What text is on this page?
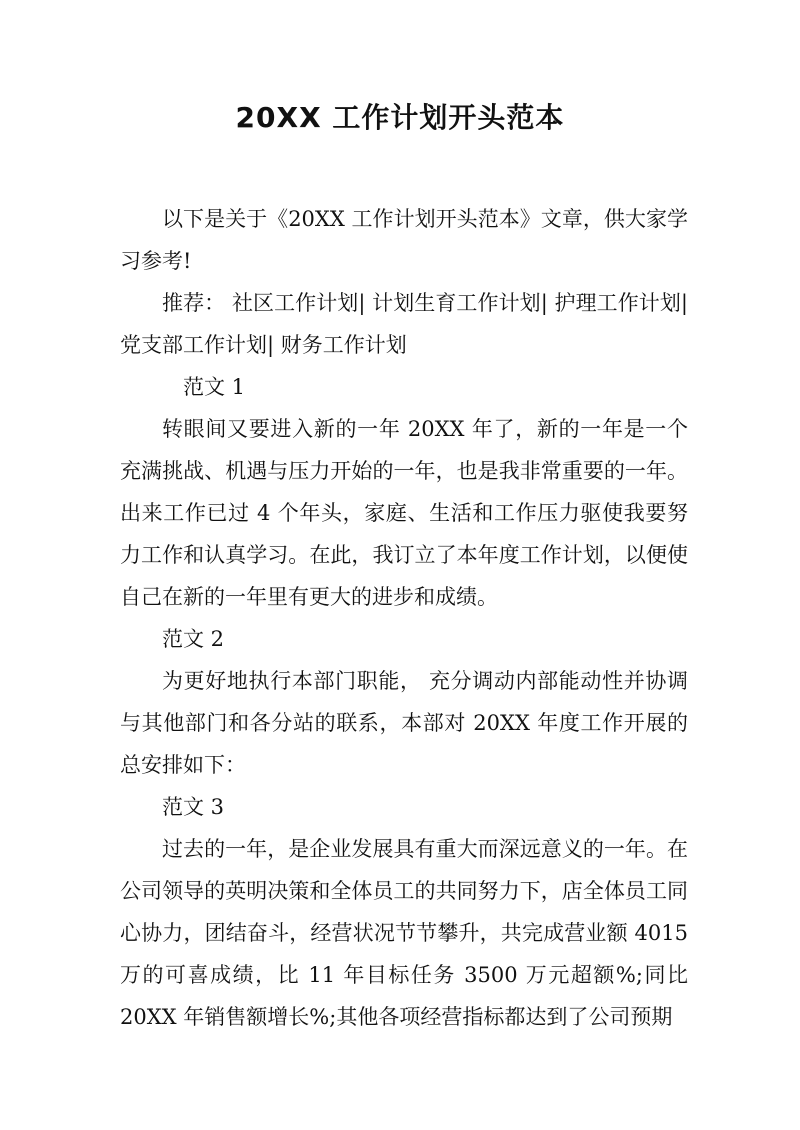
20XX 工作计划开头范本

以下是关于《20XX 工作计划开头范本》文章，供大家学习参考!

推荐： 社区工作计划| 计划生育工作计划| 护理工作计划| 党支部工作计划| 财务工作计划

范文 1

转眼间又要进入新的一年 20XX 年了，新的一年是一个充满挑战、机遇与压力开始的一年，也是我非常重要的一年。出来工作已过 4 个年头，家庭、生活和工作压力驱使我要努力工作和认真学习。在此，我订立了本年度工作计划，以便使自己在新的一年里有更大的进步和成绩。

范文 2

为更好地执行本部门职能， 充分调动内部能动性并协调与其他部门和各分站的联系，本部对 20XX 年度工作开展的总安排如下：

范文 3

过去的一年，是企业发展具有重大而深远意义的一年。在公司领导的英明决策和全体员工的共同努力下，店全体员工同心协力，团结奋斗，经营状况节节攀升，共完成营业额 4015 万的可喜成绩，比 11 年目标任务 3500 万元超额%;同比 20XX 年销售额增长%;其他各项经营指标都达到了公司预期
